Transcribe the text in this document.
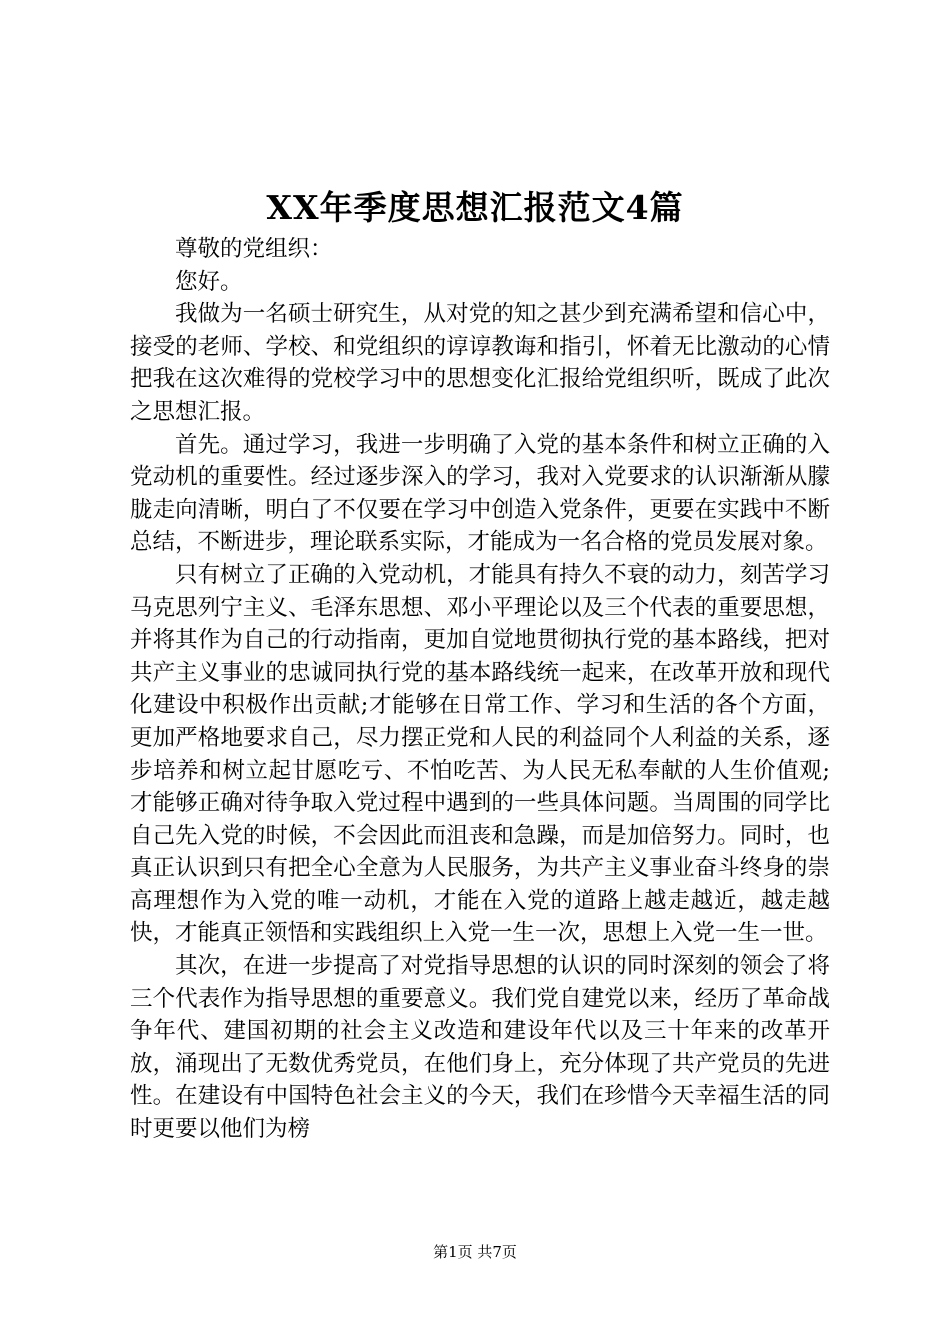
XX年季度思想汇报范文4篇

尊敬的党组织：

您好。

我做为一名硕士研究生，从对党的知之甚少到充满希望和信心中，接受的老师、学校、和党组织的谆谆教诲和指引，怀着无比激动的心情把我在这次难得的党校学习中的思想变化汇报给党组织听，既成了此次之思想汇报。

首先。通过学习，我进一步明确了入党的基本条件和树立正确的入党动机的重要性。经过逐步深入的学习，我对入党要求的认识渐渐从朦胧走向清晰，明白了不仅要在学习中创造入党条件，更要在实践中不断总结，不断进步，理论联系实际，才能成为一名合格的党员发展对象。

只有树立了正确的入党动机，才能具有持久不衰的动力，刻苦学习马克思列宁主义、毛泽东思想、邓小平理论以及三个代表的重要思想，并将其作为自己的行动指南，更加自觉地贯彻执行党的基本路线，把对共产主义事业的忠诚同执行党的基本路线统一起来，在改革开放和现代化建设中积极作出贡献;才能够在日常工作、学习和生活的各个方面，更加严格地要求自己，尽力摆正党和人民的利益同个人利益的关系，逐步培养和树立起甘愿吃亏、不怕吃苦、为人民无私奉献的人生价值观;才能够正确对待争取入党过程中遇到的一些具体问题。当周围的同学比自己先入党的时候，不会因此而沮丧和急躁，而是加倍努力。同时，也真正认识到只有把全心全意为人民服务，为共产主义事业奋斗终身的崇高理想作为入党的唯一动机，才能在入党的道路上越走越近，越走越快，才能真正领悟和实践组织上入党一生一次，思想上入党一生一世。

其次，在进一步提高了对党指导思想的认识的同时深刻的领会了将三个代表作为指导思想的重要意义。我们党自建党以来，经历了革命战争年代、建国初期的社会主义改造和建设年代以及三十年来的改革开放，涌现出了无数优秀党员，在他们身上，充分体现了共产党员的先进性。在建设有中国特色社会主义的今天，我们在珍惜今天幸福生活的同时更要以他们为榜

第1页 共7页
